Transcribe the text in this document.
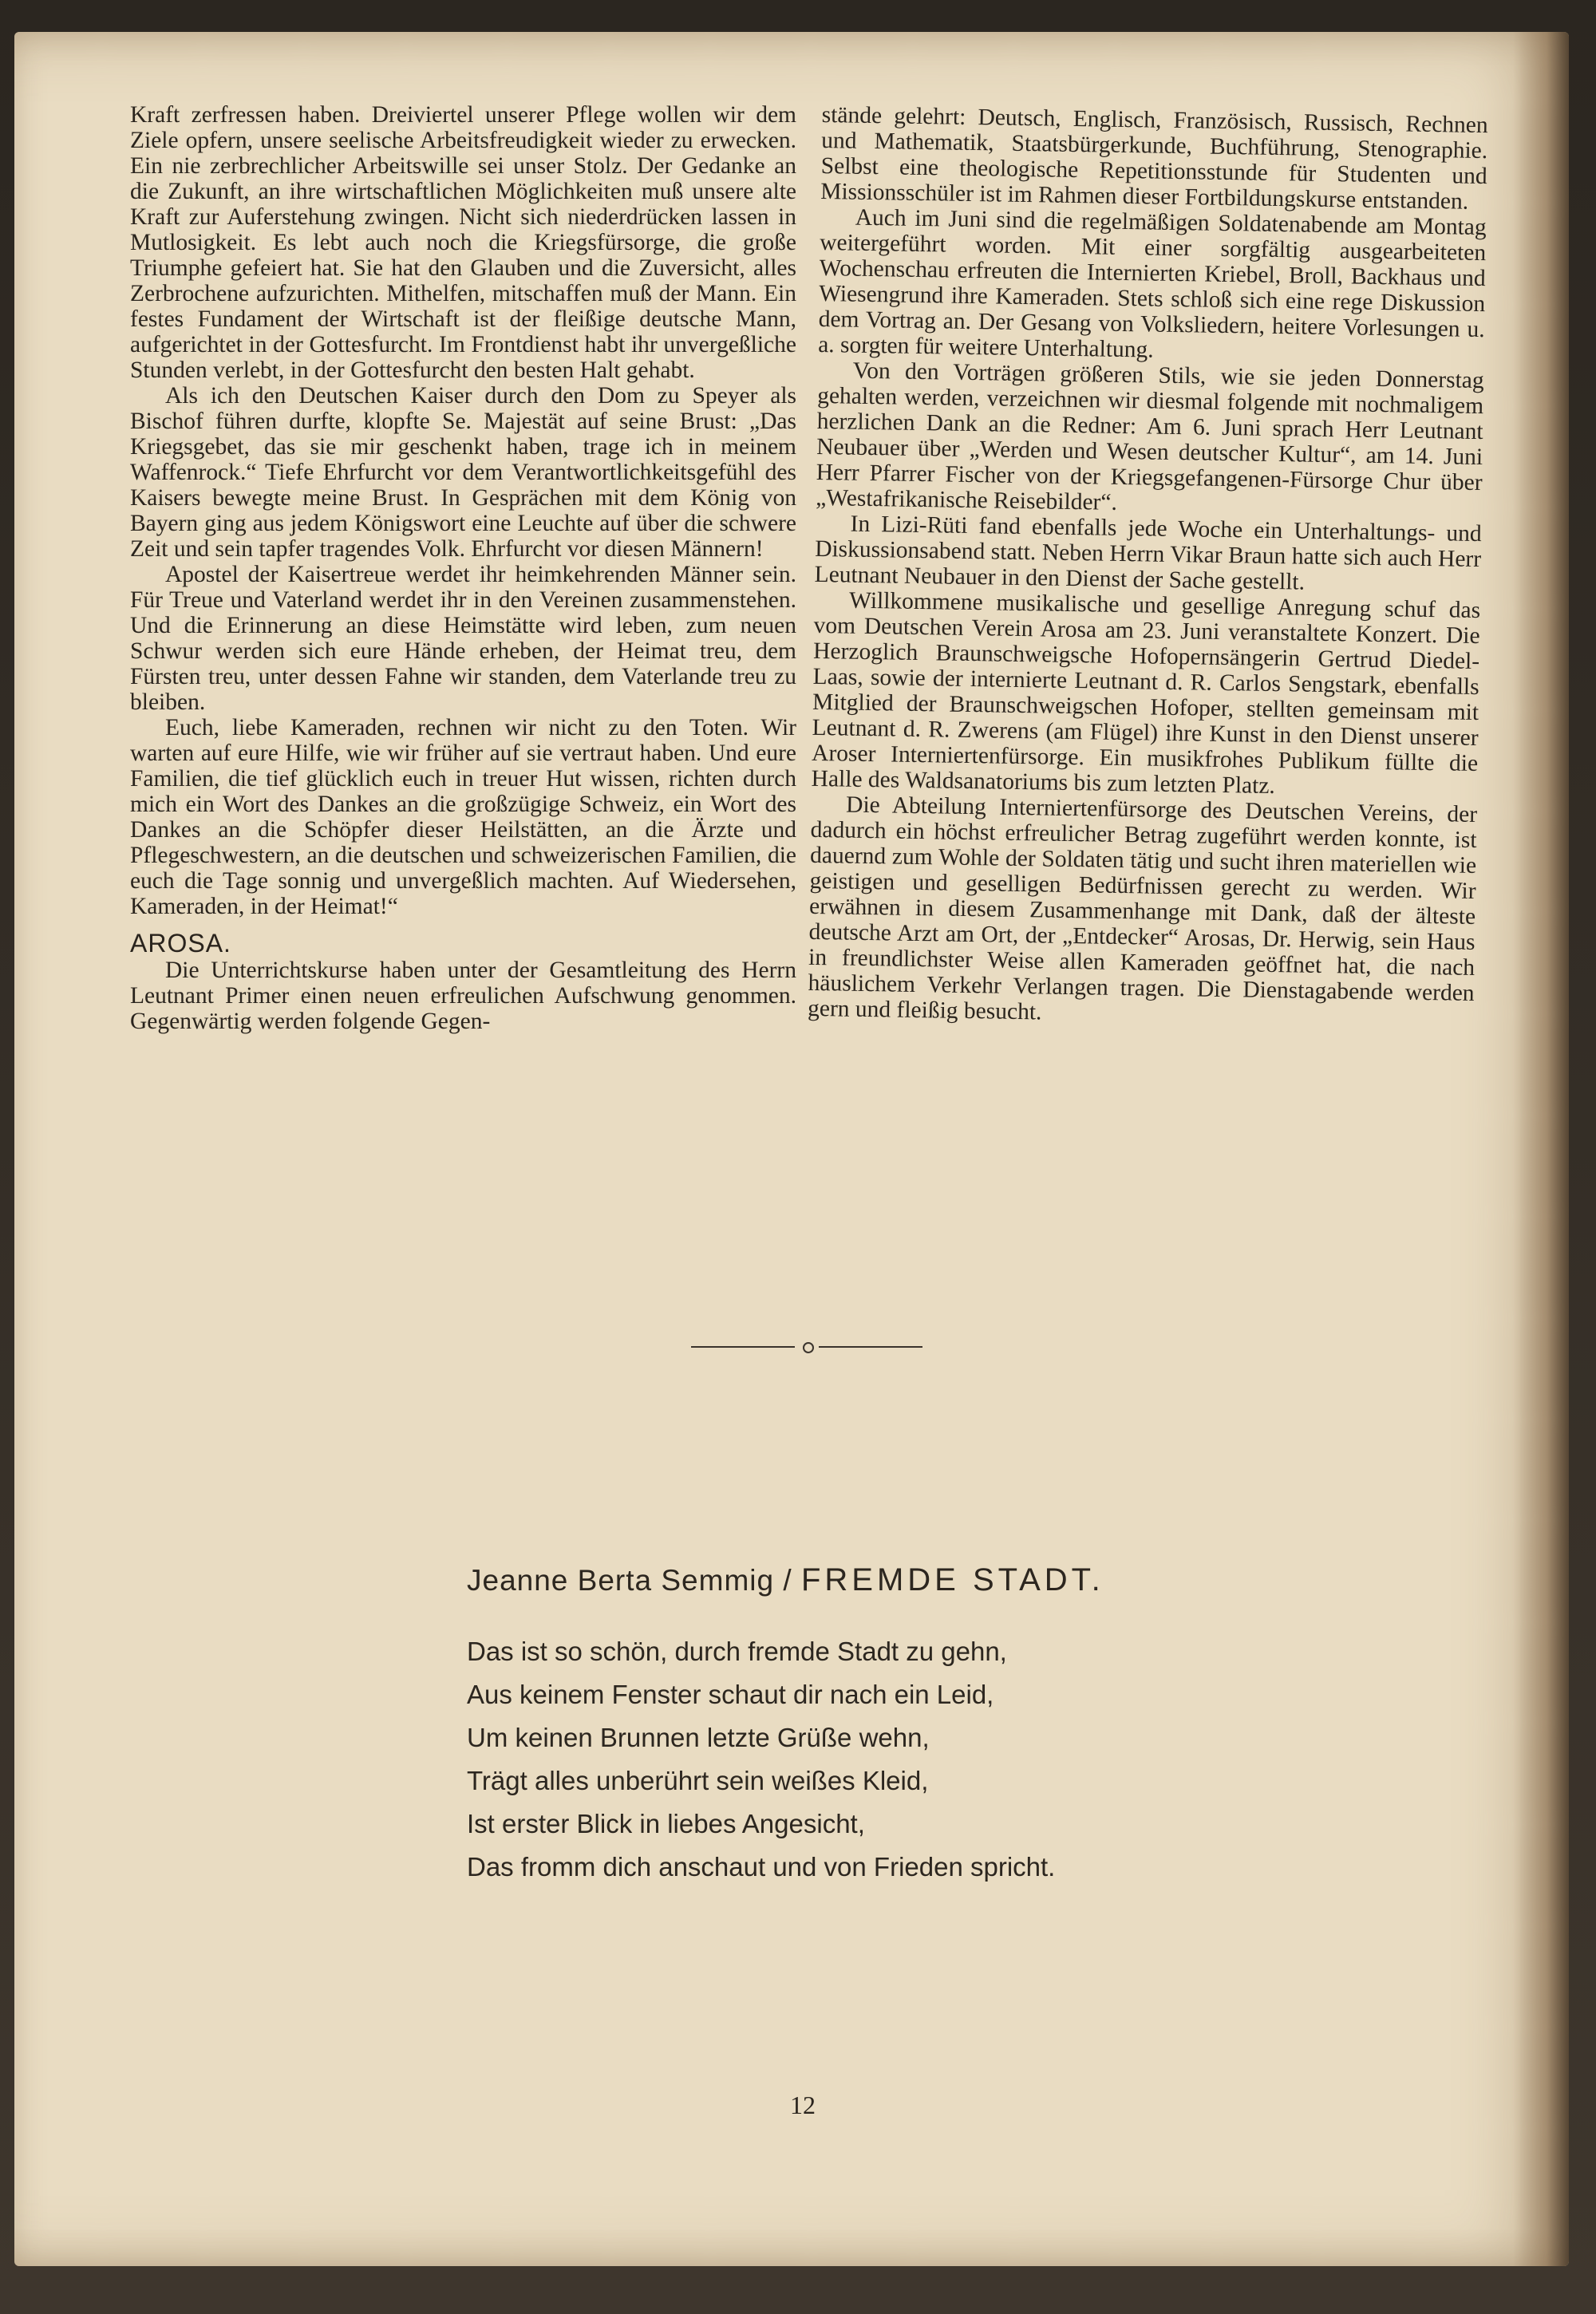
Kraft zerfressen haben. Dreiviertel unserer Pflege wollen wir dem Ziele opfern, unsere seelische Arbeitsfreudigkeit wieder zu erwecken. Ein nie zerbrechlicher Arbeitswille sei unser Stolz. Der Gedanke an die Zukunft, an ihre wirtschaftlichen Möglichkeiten muß unsere alte Kraft zur Auferstehung zwingen. Nicht sich niederdrücken lassen in Mutlosigkeit. Es lebt auch noch die Kriegsfürsorge, die große Triumphe gefeiert hat. Sie hat den Glauben und die Zuversicht, alles Zerbrochene aufzurichten. Mithelfen, mitschaffen muß der Mann. Ein festes Fundament der Wirtschaft ist der fleißige deutsche Mann, aufgerichtet in der Gottesfurcht. Im Frontdienst habt ihr unvergeßliche Stunden verlebt, in der Gottesfurcht den besten Halt gehabt.

Als ich den Deutschen Kaiser durch den Dom zu Speyer als Bischof führen durfte, klopfte Se. Majestät auf seine Brust: „Das Kriegsgebet, das sie mir geschenkt haben, trage ich in meinem Waffenrock.“ Tiefe Ehrfurcht vor dem Verantwortlichkeitsgefühl des Kaisers bewegte meine Brust. In Gesprächen mit dem König von Bayern ging aus jedem Königswort eine Leuchte auf über die schwere Zeit und sein tapfer tragendes Volk. Ehrfurcht vor diesen Männern!

Apostel der Kaisertreue werdet ihr heimkehrenden Männer sein. Für Treue und Vaterland werdet ihr in den Vereinen zusammenstehen. Und die Erinnerung an diese Heimstätte wird leben, zum neuen Schwur werden sich eure Hände erheben, der Heimat treu, dem Fürsten treu, unter dessen Fahne wir standen, dem Vaterlande treu zu bleiben.

Euch, liebe Kameraden, rechnen wir nicht zu den Toten. Wir warten auf eure Hilfe, wie wir früher auf sie vertraut haben. Und eure Familien, die tief glücklich euch in treuer Hut wissen, richten durch mich ein Wort des Dankes an die großzügige Schweiz, ein Wort des Dankes an die Schöpfer dieser Heilstätten, an die Ärzte und Pflegeschwestern, an die deutschen und schweizerischen Familien, die euch die Tage sonnig und unvergeßlich machten. Auf Wiedersehen, Kameraden, in der Heimat!“

AROSA.

Die Unterrichtskurse haben unter der Gesamtleitung des Herrn Leutnant Primer einen neuen erfreulichen Aufschwung genommen. Gegenwärtig werden folgende Gegen-

stände gelehrt: Deutsch, Englisch, Französisch, Russisch, Rechnen und Mathematik, Staatsbürgerkunde, Buchführung, Stenographie. Selbst eine theologische Repetitionsstunde für Studenten und Missionsschüler ist im Rahmen dieser Fortbildungskurse entstanden.

Auch im Juni sind die regelmäßigen Soldatenabende am Montag weitergeführt worden. Mit einer sorgfältig ausgearbeiteten Wochenschau erfreuten die Internierten Kriebel, Broll, Backhaus und Wiesengrund ihre Kameraden. Stets schloß sich eine rege Diskussion dem Vortrag an. Der Gesang von Volksliedern, heitere Vorlesungen u. a. sorgten für weitere Unterhaltung.

Von den Vorträgen größeren Stils, wie sie jeden Donnerstag gehalten werden, verzeichnen wir diesmal folgende mit nochmaligem herzlichen Dank an die Redner: Am 6. Juni sprach Herr Leutnant Neubauer über „Werden und Wesen deutscher Kultur“, am 14. Juni Herr Pfarrer Fischer von der Kriegsgefangenen-Fürsorge Chur über „Westafrikanische Reisebilder“.

In Lizi-Rüti fand ebenfalls jede Woche ein Unterhaltungs- und Diskussionsabend statt. Neben Herrn Vikar Braun hatte sich auch Herr Leutnant Neubauer in den Dienst der Sache gestellt.

Willkommene musikalische und gesellige Anregung schuf das vom Deutschen Verein Arosa am 23. Juni veranstaltete Konzert. Die Herzoglich Braunschweigsche Hofopernsängerin Gertrud Diedel-Laas, sowie der internierte Leutnant d. R. Carlos Sengstark, ebenfalls Mitglied der Braunschweigschen Hofoper, stellten gemeinsam mit Leutnant d. R. Zwerens (am Flügel) ihre Kunst in den Dienst unserer Aroser Interniertenfürsorge. Ein musikfrohes Publikum füllte die Halle des Waldsanatoriums bis zum letzten Platz.

Die Abteilung Interniertenfürsorge des Deutschen Vereins, der dadurch ein höchst erfreulicher Betrag zugeführt werden konnte, ist dauernd zum Wohle der Soldaten tätig und sucht ihren materiellen wie geistigen und geselligen Bedürfnissen gerecht zu werden. Wir erwähnen in diesem Zusammenhange mit Dank, daß der älteste deutsche Arzt am Ort, der „Entdecker“ Arosas, Dr. Herwig, sein Haus in freundlichster Weise allen Kameraden geöffnet hat, die nach häuslichem Verkehr Verlangen tragen. Die Dienstagabende werden gern und fleißig besucht.

Jeanne Berta Semmig / FREMDE STADT.
Das ist so schön, durch fremde Stadt zu gehn,
Aus keinem Fenster schaut dir nach ein Leid,
Um keinen Brunnen letzte Grüße wehn,
Trägt alles unberührt sein weißes Kleid,
Ist erster Blick in liebes Angesicht,
Das fromm dich anschaut und von Frieden spricht.
12
